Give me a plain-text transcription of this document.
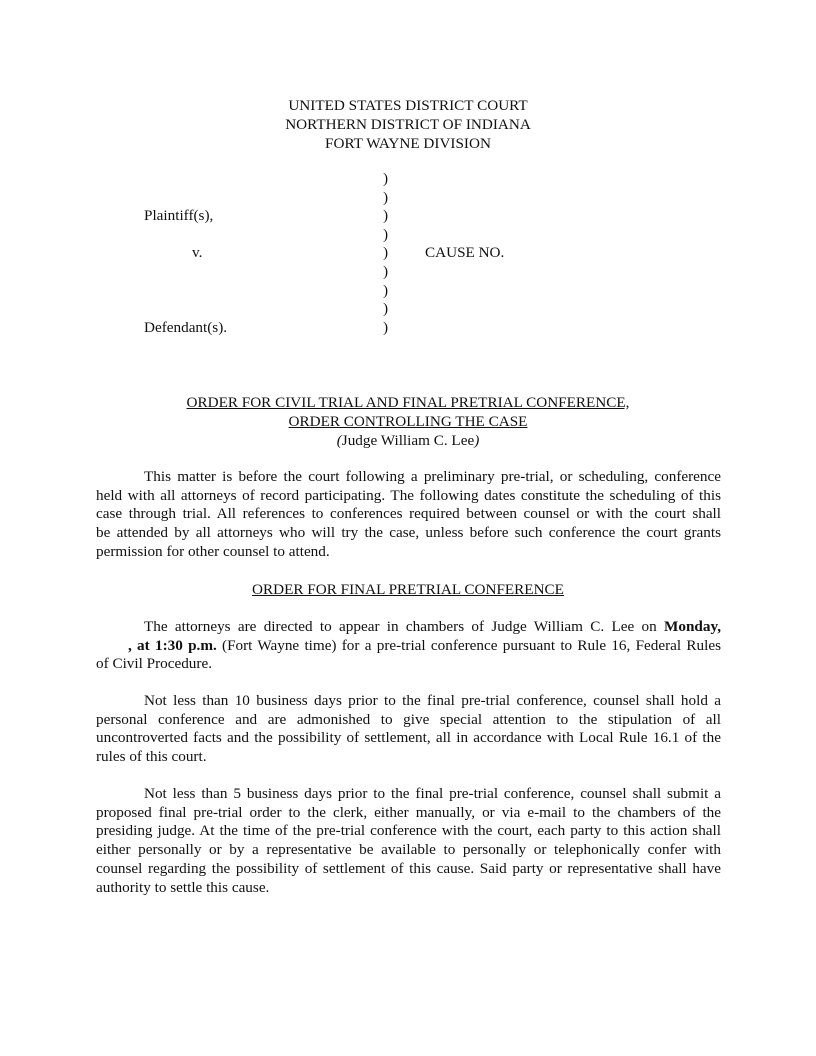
UNITED STATES DISTRICT COURT
NORTHERN DISTRICT OF INDIANA
FORT WAYNE DIVISION
)
)
)
)
)
)
)
)
)
Plaintiff(s),
v.	CAUSE NO.
Defendant(s).
ORDER FOR CIVIL TRIAL AND FINAL PRETRIAL CONFERENCE,
ORDER CONTROLLING THE CASE
(Judge William C. Lee)
This matter is before the court following a preliminary pre-trial, or scheduling, conference
held with all attorneys of record participating. The following dates constitute the scheduling of this
case through trial. All references to conferences required between counsel or with the court shall
be attended by all attorneys who will try the case, unless before such conference the court grants
permission for other counsel to attend.
ORDER FOR FINAL PRETRIAL CONFERENCE
The attorneys are directed to appear in chambers of Judge William C. Lee on Monday,
, at 1:30 p.m. (Fort Wayne time) for a pre-trial conference pursuant to Rule 16, Federal Rules
of Civil Procedure.
Not less than 10 business days prior to the final pre-trial conference, counsel shall hold a
personal conference and are admonished to give special attention to the stipulation of all
uncontroverted facts and the possibility of settlement, all in accordance with Local Rule 16.1 of the
rules of this court.
Not less than 5 business days prior to the final pre-trial conference, counsel shall submit a
proposed final pre-trial order to the clerk, either manually, or via e-mail to the chambers of the
presiding judge. At the time of the pre-trial conference with the court, each party to this action shall
either personally or by a representative be available to personally or telephonically confer with
counsel regarding the possibility of settlement of this cause. Said party or representative shall have
authority to settle this cause.
